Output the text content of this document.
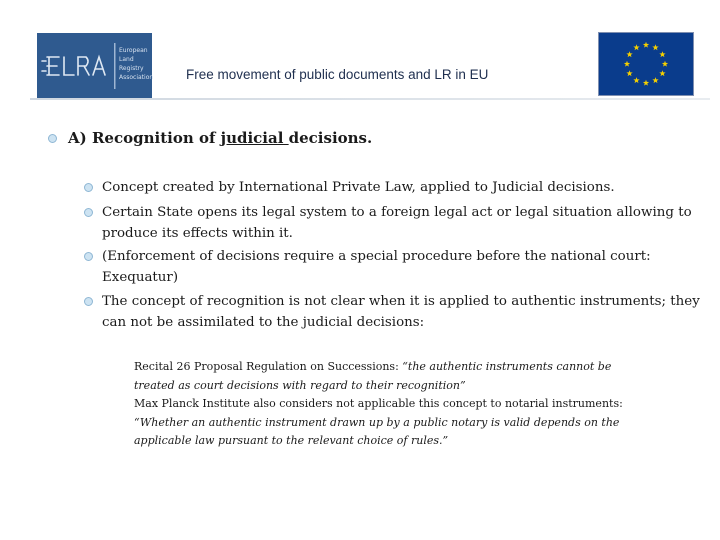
European
Land
Registry
Association Free movement of public documents and LR in EU
A) Recognition of judicial decisions.
Concept created by International Private Law, applied to Judicial decisions.
Certain State opens its legal system to a foreign legal act or legal situation allowing to produce its effects within it.
(Enforcement of decisions require a special procedure before the national court: Exequatur)
The concept of recognition is not clear when it is applied to authentic instruments; they can not be assimilated to the judicial decisions:
Recital 26 Proposal Regulation on Successions: “the authentic instruments cannot be
treated as court decisions with regard to their recognition”
Max Planck Institute also considers not applicable this concept to notarial instruments:
“Whether an authentic instrument drawn up by a public notary is valid depends on the
applicable law pursuant to the relevant choice of rules.”
